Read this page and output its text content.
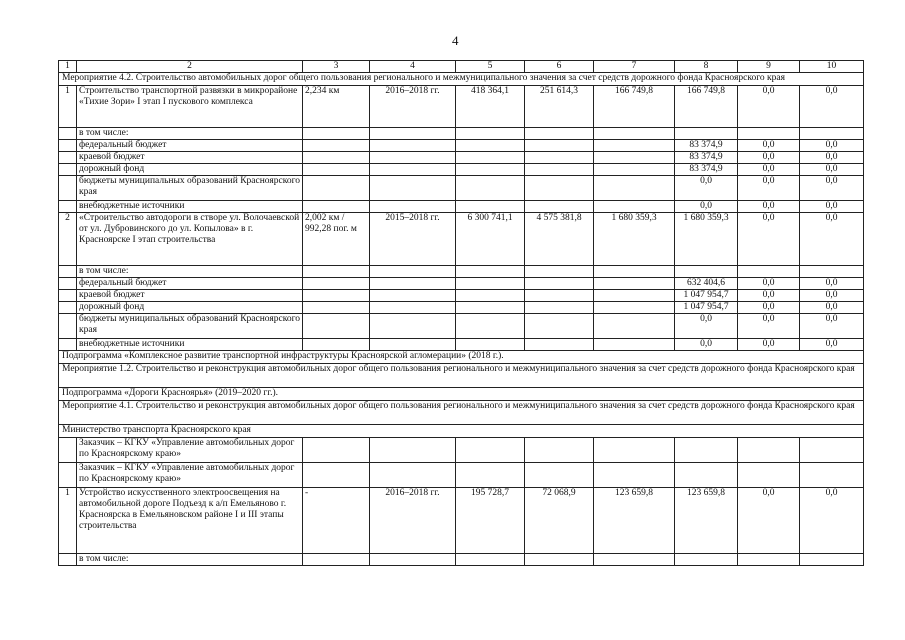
4
1	2	3	4	5	6	7	8	9	10
Мероприятие 4.2. Строительство автомобильных дорог общего пользования регионального и межмуниципального значения за счет средств дорожного фонда Красноярского края									
1	Строительство транспортной развязки в микрорайоне «Тихие Зори» I этап I пускового комплекса	2,234 км	2016–2018 гг.	418 364,1	251 614,3	166 749,8	166 749,8	0,0	0,0
	в том числе:								
	федеральный бюджет						83 374,9	0,0	0,0
	краевой бюджет						83 374,9	0,0	0,0
	дорожный фонд						83 374,9	0,0	0,0
	бюджеты муниципальных образований Красноярского края						0,0	0,0	0,0
	внебюджетные источники						0,0	0,0	0,0
2	«Строительство автодороги в створе ул. Волочаевской от ул. Дубровинского до ул. Копылова» в г. Красноярске I этап строительства	2,002 км / 992,28 пог. м	2015–2018 гг.	6 300 741,1	4 575 381,8	1 680 359,3	1 680 359,3	0,0	0,0
	в том числе:								
	федеральный бюджет						632 404,6	0,0	0,0
	краевой бюджет						1 047 954,7	0,0	0,0
	дорожный фонд						1 047 954,7	0,0	0,0
	бюджеты муниципальных образований Красноярского края						0,0	0,0	0,0
	внебюджетные источники						0,0	0,0	0,0
Подпрограмма «Комплексное развитие транспортной инфраструктуры Красноярской агломерации» (2018 г.).									
Мероприятие 1.2. Строительство и реконструкция автомобильных дорог общего пользования регионального и межмуниципального значения за счет средств дорожного фонда Красноярского края									
Подпрограмма «Дороги Красноярья» (2019–2020 гг.).									
Мероприятие 4.1. Строительство и реконструкция автомобильных дорог общего пользования регионального и межмуниципального значения за счет средств дорожного фонда Красноярского края									
Министерство транспорта Красноярского края									
	Заказчик – КГКУ «Управление автомобильных дорог по Красноярскому краю»								
	Заказчик – КГКУ «Управление автомобильных дорог по Красноярскому краю»								
1	Устройство искусственного электроосвещения на автомобильной дороге Подъезд к а/п Емельяново г. Красноярска в Емельяновском районе I и III этапы строительства	-	2016–2018 гг.	195 728,7	72 068,9	123 659,8	123 659,8	0,0	0,0
	в том числе:								
